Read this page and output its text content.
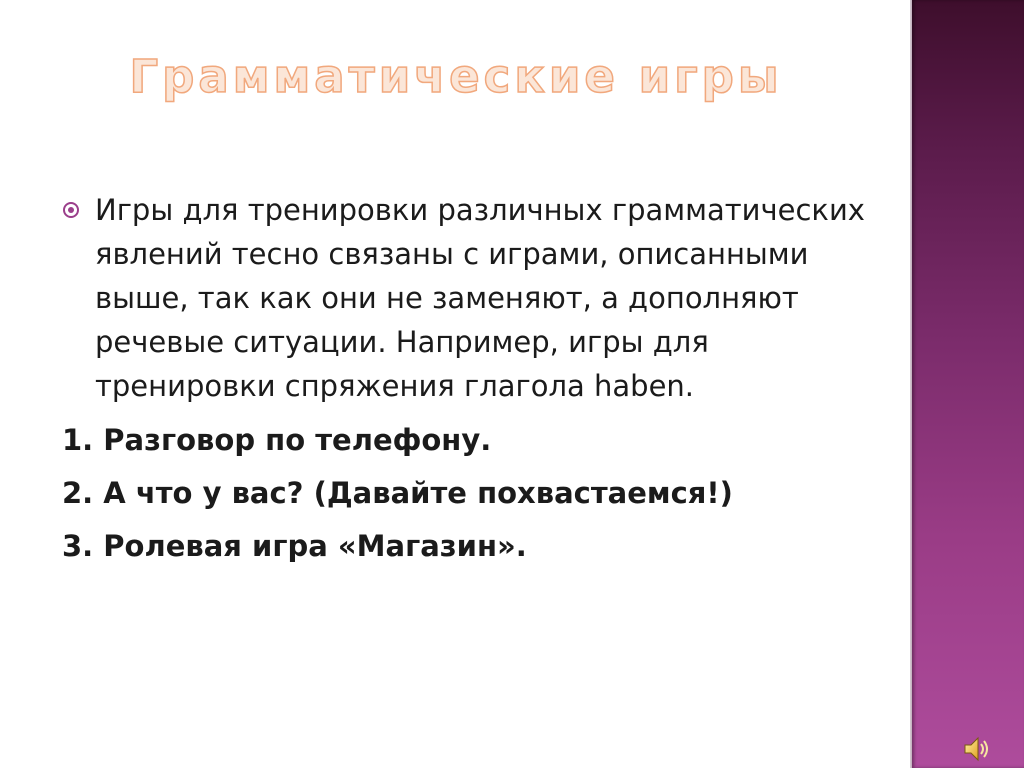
Грамматические игры
Игры для тренировки различных грамматических явлений тесно связаны с играми, описанными выше, так как они не заменяют, а дополняют речевые ситуации. Например, игры для тренировки спряжения глагола haben.
1. Разговор по телефону.
2. А что у вас? (Давайте похвастаемся!)
3. Ролевая игра «Магазин».
